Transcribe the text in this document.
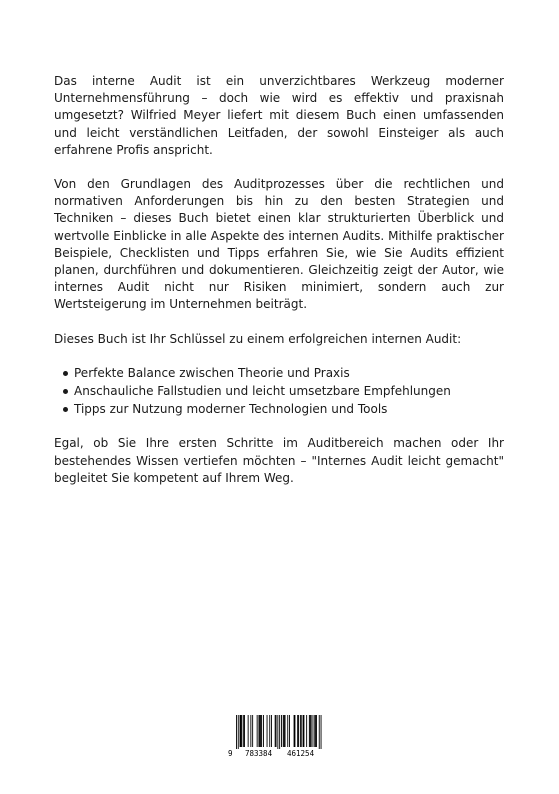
Das interne Audit ist ein unverzichtbares Werkzeug moderner Unternehmensführung – doch wie wird es effektiv und praxisnah umgesetzt? Wilfried Meyer liefert mit diesem Buch einen umfassenden und leicht verständlichen Leitfaden, der sowohl Einsteiger als auch erfahrene Profis anspricht.

Von den Grundlagen des Auditprozesses über die rechtlichen und normativen Anforderungen bis hin zu den besten Strategien und Techniken – dieses Buch bietet einen klar strukturierten Überblick und wertvolle Einblicke in alle Aspekte des internen Audits. Mithilfe praktischer Beispiele, Checklisten und Tipps erfahren Sie, wie Sie Audits effizient planen, durchführen und dokumentieren. Gleichzeitig zeigt der Autor, wie internes Audit nicht nur Risiken minimiert, sondern auch zur Wertsteigerung im Unternehmen beiträgt.

Dieses Buch ist Ihr Schlüssel zu einem erfolgreichen internen Audit:

Perfekte Balance zwischen Theorie und Praxis
Anschauliche Fallstudien und leicht umsetzbare Empfehlungen
Tipps zur Nutzung moderner Technologien und Tools

Egal, ob Sie Ihre ersten Schritte im Auditbereich machen oder Ihr bestehendes Wissen vertiefen möchten – "Internes Audit leicht gemacht" begleitet Sie kompetent auf Ihrem Weg.

9 783384 461254
